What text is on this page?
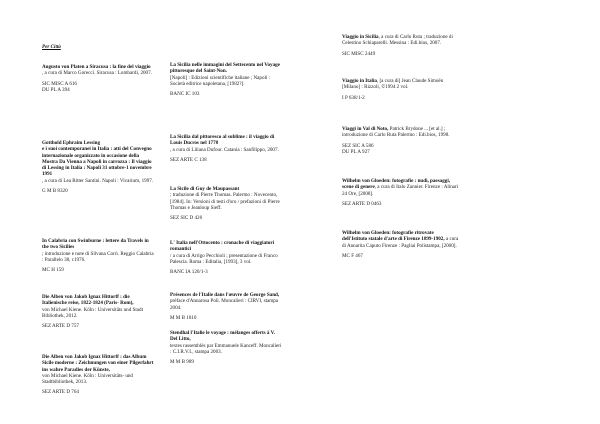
Per Città
Augusto von Platen a Siracusa : la fine del viaggio
, a cura di Marco Gorecci. Siracusa : Lombardi, 2007.
SIC MISC A 616
DU PL A 394
Gotthold Ephraim Lessing
e i suoi contemporanei in Italia : atti del Convegno internazionale organizzato in occasione della Mostra Da Vienna a Napoli in carrozza : Il viaggio di Lessing in Italia : Napoli 31 ottobre-1 novembre 1991
, a cura di Lea Ritter Santini. Napoli : Vivarium, 1997.
G M B 8320
In Calabria con Swinburne : lettere da Travels in the two Sicilies
; introduzione e note di Silvana Corrì. Reggio Calabria : Parallelo 38, c1976.
MC H 159
Die Alben von Jakob Ignaz Hittorff : die Italienische reise, 1822-1824 (Paris- Rom),
von Michael Kiene. Köln : Universitäts und Stadt Bibliothek, 2012.
SEZ ARTE D 757
Die Alben von Jakob Ignaz Hittorff : das Album Sicile moderne : Zeichnungen von einer Pilgerfahrt ins wahre Paradies der Künste,
von Michael Kiene. Köln : Universitäts- und Stadtbibliothek, 2013.
SEZ ARTE D 764
La Sicilia nelle immagini del Settecento nel Voyage pittoresque del Saint-Non.
[Napoli] : Edizioni scientifiche italiane ; Napoli : Società editrice napoletana, [1982?].
BANC IC 103
La Sicilia dal pittoresco al sublime : il viaggio di Louis Ducros nel 1778
, a cura di Liliana Dufour. Catania : Sanfilippo, 2007.
SEZ ARTE C 138
La Sicile di Guy de Maupassant
; traduzione di Pierre Thomas. Palermo : Novecento, [1984]. In: Versioni di testi d'oro / prefazioni di Pierre Thomas e Jeanloup Sieff.
SEZ SIC D 426
L' Italia nell'Ottocento : cronache di viaggiatori romantici
/ a cura di Arrigo Pecchioli ; presentazione di Franco Palescia. Roma : Editalia, [1993], 3 vol.
BANC IA 120/1-3
Présences de l'Italie dans l'œuvre de George Sand,
préface d'Annarosa Poli. Moncalieri : CIRVI, stampa 2004.
M M B 1810
Stendhal l'Italie le voyage : mélanges offerts à V. Del Litto,
textes rassemblés par Emmanuele Kanceff. Moncalieri : C.I.R.V.I., stampa 2003.
M M B 989
Viaggio in Sicilia, a cura di Carlo Ruta ; traduzione di Celestino Schiaparelli. Messina : Edi.bios, 2007.
SIC MISC 2449
Viaggio in Italia, [a cura di] Jean Claude Simoën [Milano] : Rizzoli, ©1994 2 vol.
I P 638/1-2
Viaggi in Val di Noto, Patrick Brydone ... [et al.] ; introduzione di Carlo Ruta Palermo : Edi.bios, 1998.
SEZ SIC A 586
DU PL A 927
Wilhelm von Gloeden: fotografie : nudi, paesaggi, scene di genere, a cura di Italo Zannier. Firenze : Alinari 24 Ore, [2008].
SEZ ARTE D 0463
Wilhelm von Gloeden: fotografie ritrovate dell'Istituto statale d'arte di Firenze 1899-1902, a cura di Annarita Caputo Firenze : Pagliai Polistampa, [2000].
MC F 467
